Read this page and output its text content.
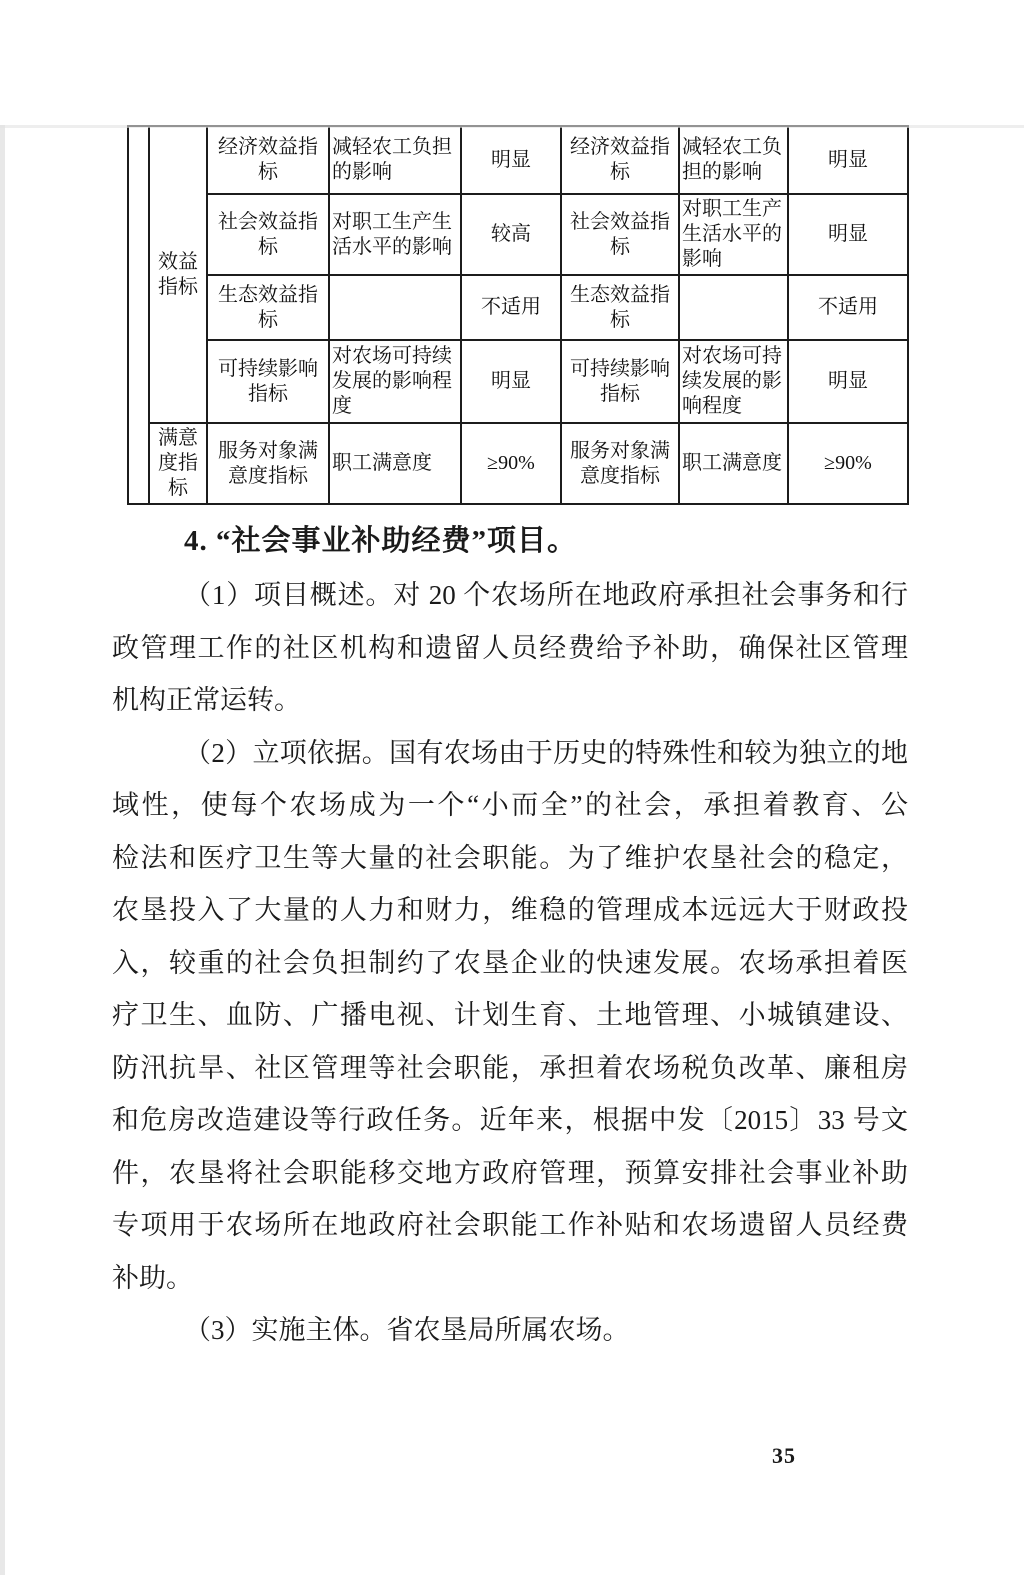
	效益指标	经济效益指标	减轻农工负担的影响	明显	经济效益指标	减轻农工负担的影响	明显
		社会效益指标	对职工生产生活水平的影响	较高	社会效益指标	对职工生产生活水平的影响	明显
		生态效益指标		不适用	生态效益指标		不适用
		可持续影响指标	对农场可持续发展的影响程度	明显	可持续影响指标	对农场可持续发展的影响程度	明显
	满意度指标	服务对象满意度指标	职工满意度	≥90%	服务对象满意度指标	职工满意度	≥90%
4. “社会事业补助经费”项目。
（1）项目概述。对 20 个农场所在地政府承担社会事务和行
政管理工作的社区机构和遗留人员经费给予补助，确保社区管理
机构正常运转。
（2）立项依据。国有农场由于历史的特殊性和较为独立的地
域性，使每个农场成为一个“小而全”的社会，承担着教育、公
检法和医疗卫生等大量的社会职能。为了维护农垦社会的稳定，
农垦投入了大量的人力和财力，维稳的管理成本远远大于财政投
入，较重的社会负担制约了农垦企业的快速发展。农场承担着医
疗卫生、血防、广播电视、计划生育、土地管理、小城镇建设、
防汛抗旱、社区管理等社会职能，承担着农场税负改革、廉租房
和危房改造建设等行政任务。近年来，根据中发〔2015〕33 号文
件，农垦将社会职能移交地方政府管理，预算安排社会事业补助
专项用于农场所在地政府社会职能工作补贴和农场遗留人员经费
补助。
（3）实施主体。省农垦局所属农场。
35
